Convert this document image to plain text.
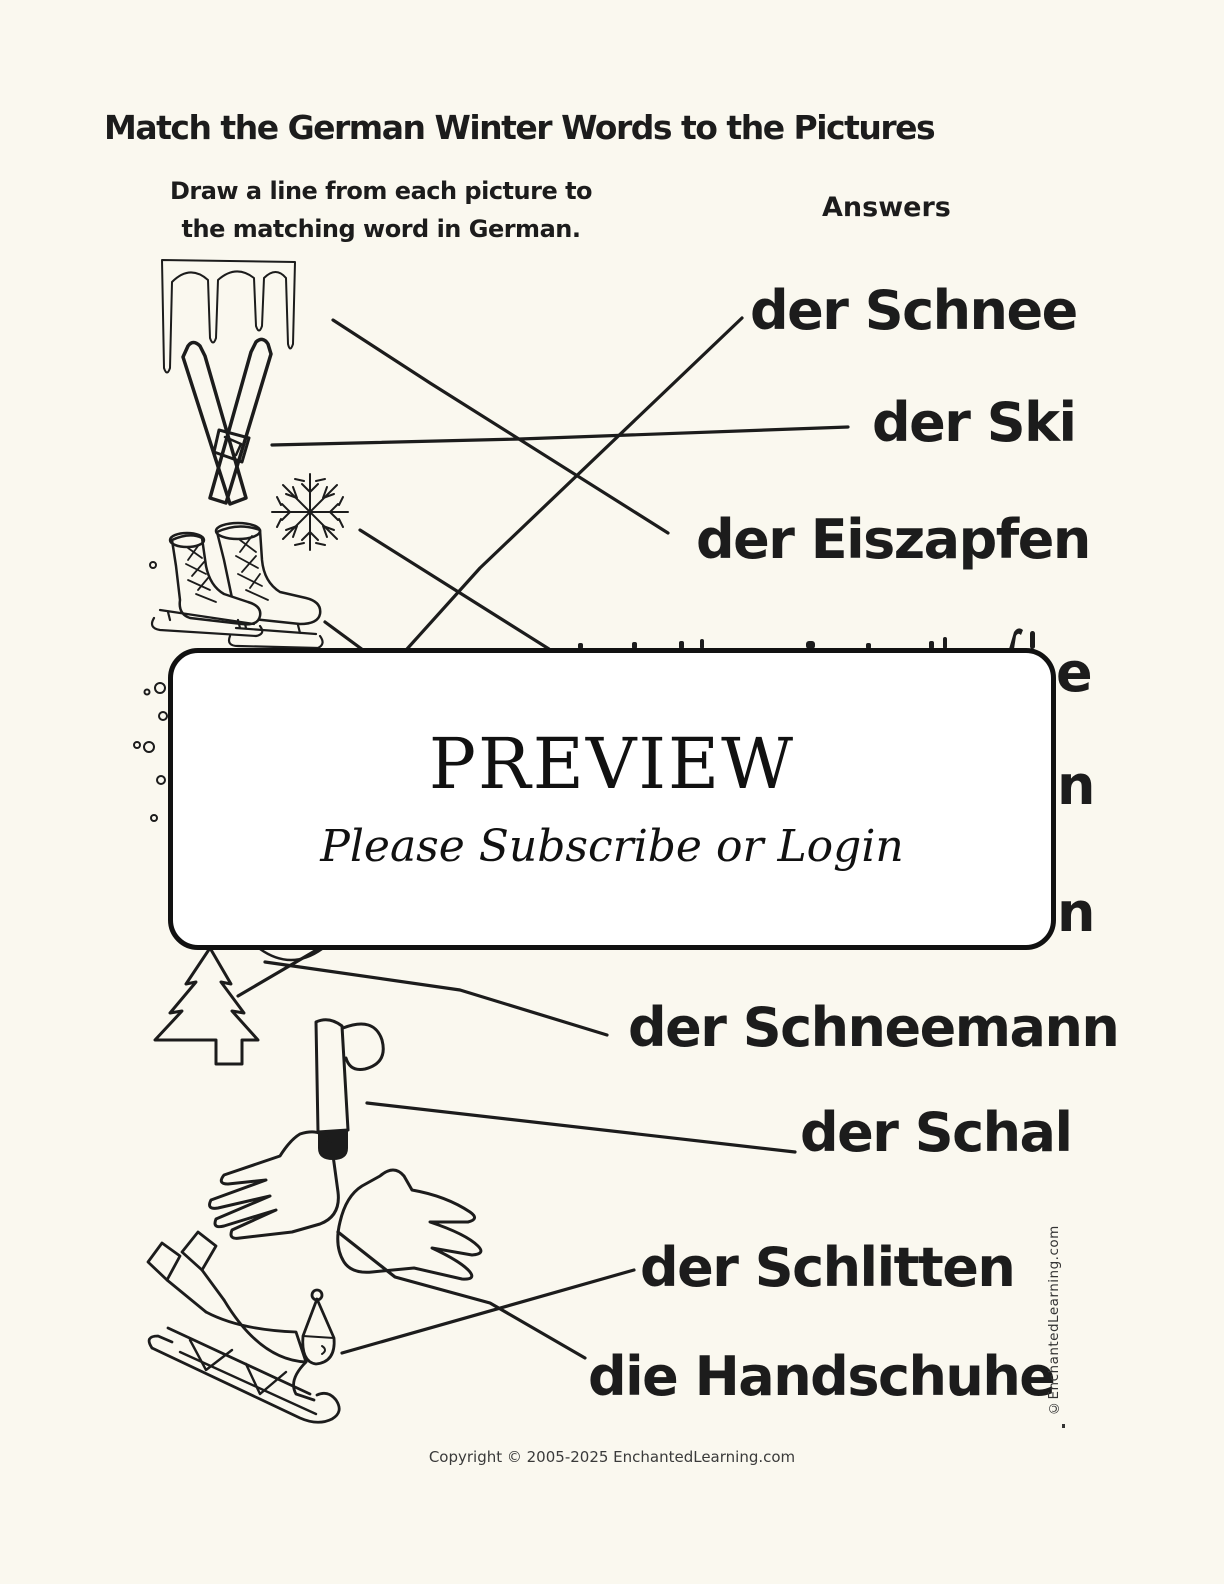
Match the German Winter Words to the Pictures
Draw a line from each picture to
the matching word in German.
Answers
der Schnee
der Ski
der Eiszapfen
der Schneemann
der Schal
der Schlitten
die Handschuhe
e
n
n
PREVIEW
Please Subscribe or Login
Copyright © 2005-2025 EnchantedLearning.com
©EnchantedLearning.com
